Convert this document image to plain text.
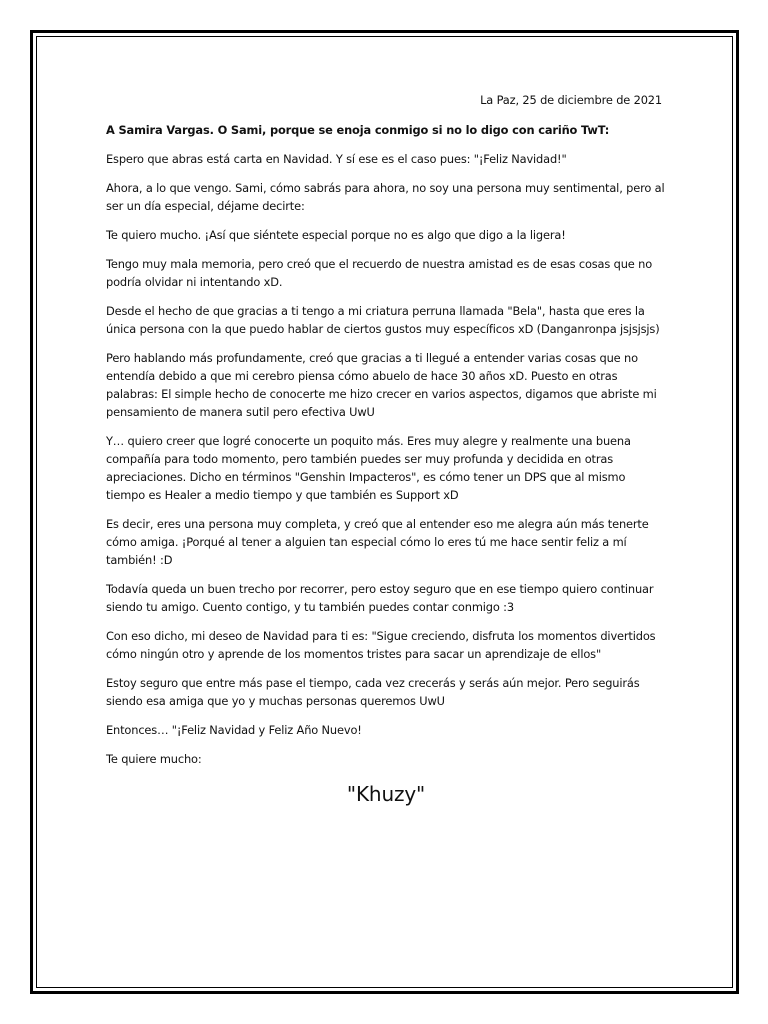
La Paz, 25 de diciembre de 2021
A Samira Vargas. O Sami, porque se enoja conmigo si no lo digo con cariño TwT:
Espero que abras está carta en Navidad. Y sí ese es el caso pues: "¡Feliz Navidad!"
Ahora, a lo que vengo. Sami, cómo sabrás para ahora, no soy una persona muy sentimental, pero al ser un día especial, déjame decirte:
Te quiero mucho. ¡Así que siéntete especial porque no es algo que digo a la ligera!
Tengo muy mala memoria, pero creó que el recuerdo de nuestra amistad es de esas cosas que no podría olvidar ni intentando xD.
Desde el hecho de que gracias a ti tengo a mi criatura perruna llamada "Bela", hasta que eres la única persona con la que puedo hablar de ciertos gustos muy específicos xD (Danganronpa jsjsjsjs)
Pero hablando más profundamente, creó que gracias a ti llegué a entender varias cosas que no entendía debido a que mi cerebro piensa cómo abuelo de hace 30 años xD. Puesto en otras palabras: El simple hecho de conocerte me hizo crecer en varios aspectos, digamos que abriste mi pensamiento de manera sutil pero efectiva UwU
Y… quiero creer que logré conocerte un poquito más. Eres muy alegre y realmente una buena compañía para todo momento, pero también puedes ser muy profunda y decidida en otras apreciaciones. Dicho en términos "Genshin Impacteros", es cómo tener un DPS que al mismo tiempo es Healer a medio tiempo y que también es Support xD
Es decir, eres una persona muy completa, y creó que al entender eso me alegra aún más tenerte cómo amiga. ¡Porqué al tener a alguien tan especial cómo lo eres tú me hace sentir feliz a mí también! :D
Todavía queda un buen trecho por recorrer, pero estoy seguro que en ese tiempo quiero continuar siendo tu amigo. Cuento contigo, y tu también puedes contar conmigo :3
Con eso dicho, mi deseo de Navidad para ti es: "Sigue creciendo, disfruta los momentos divertidos cómo ningún otro y aprende de los momentos tristes para sacar un aprendizaje de ellos"
Estoy seguro que entre más pase el tiempo, cada vez crecerás y serás aún mejor. Pero seguirás siendo esa amiga que yo y muchas personas queremos UwU
Entonces… "¡Feliz Navidad y Feliz Año Nuevo!
Te quiere mucho:
"Khuzy"
